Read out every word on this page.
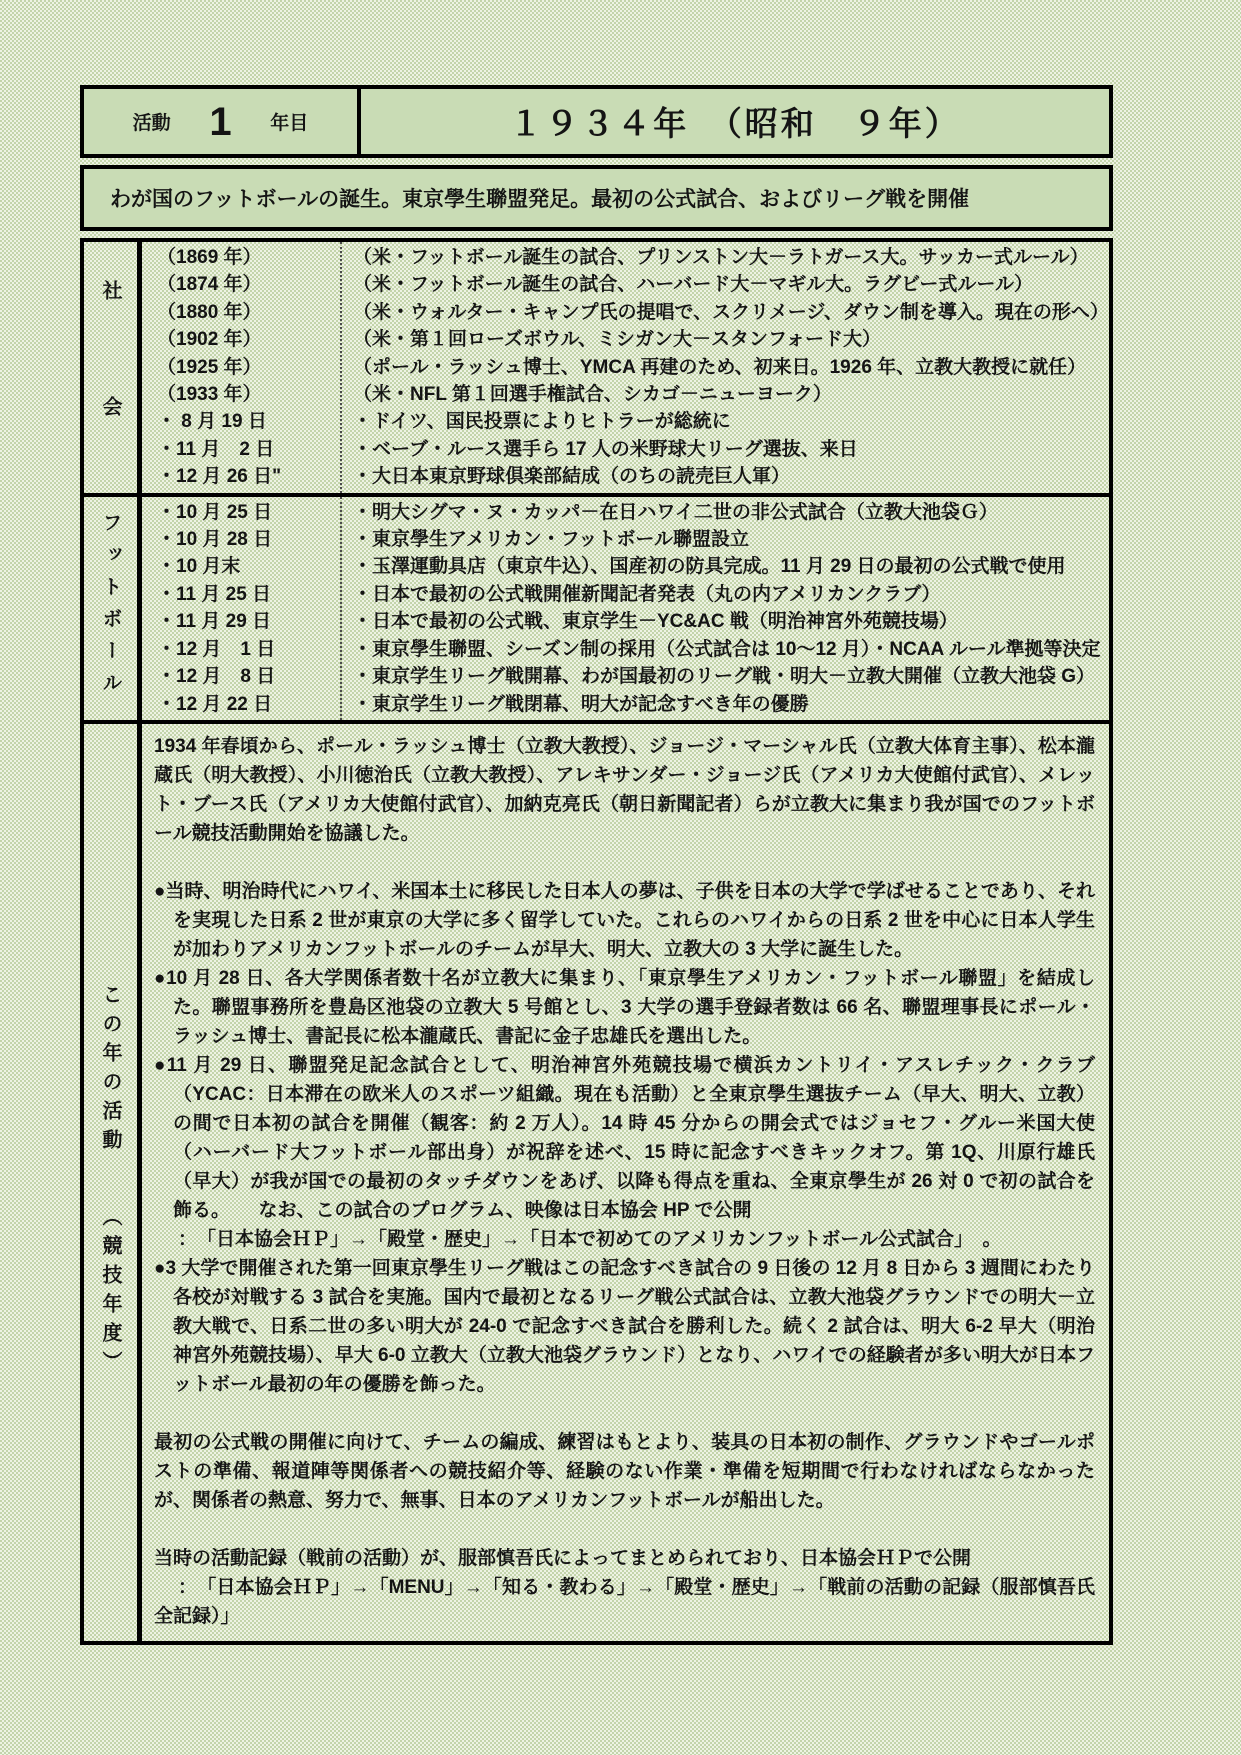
活動 1 年目	１９３４年　（昭和　９年）
わが国のフットボールの誕生。東京學生聯盟発足。最初の公式試合、およびリーグ戦を開催
社　会
（1869 年）	（米・フットボール誕生の試合、プリンストン大－ラトガース大。サッカー式ルール）
（1874 年）	（米・フットボール誕生の試合、ハーバード大－マギル大。ラグビー式ルール）
（1880 年）	（米・ウォルター・キャンプ氏の提唱で、スクリメージ、ダウン制を導入。現在の形へ）
（1902 年）	（米・第１回ローズボウル、ミシガン大－スタンフォード大）
（1925 年）	（ポール・ラッシュ博士、YMCA 再建のため、初来日。1926 年、立教大教授に就任）
（1933 年）	（米・NFL 第１回選手権試合、シカゴ－ニューヨーク）
・ 8 月 19 日	・ドイツ、国民投票によりヒトラーが総統に
・11 月　2 日	・ベーブ・ルース選手ら 17 人の米野球大リーグ選抜、来日
・12 月 26 日"	・大日本東京野球倶楽部結成（のちの読売巨人軍）
フットボール
・10 月 25 日	・明大シグマ・ヌ・カッパ－在日ハワイ二世の非公式試合（立教大池袋Ｇ）
・10 月 28 日	・東京學生アメリカン・フットボール聯盟設立
・10 月末	・玉澤運動具店（東京牛込）、国産初の防具完成。11 月 29 日の最初の公式戦で使用
・11 月 25 日	・日本で最初の公式戦開催新聞記者発表（丸の内アメリカンクラブ）
・11 月 29 日	・日本で最初の公式戦、東京学生－YC&AC 戦（明治神宮外苑競技場）
・12 月　1 日	・東京學生聯盟、シーズン制の採用（公式試合は 10～12 月）・NCAA ルール準拠等決定
・12 月　8 日	・東京学生リーグ戦開幕、わが国最初のリーグ戦・明大－立教大開催（立教大池袋 G）
・12 月 22 日	・東京学生リーグ戦閉幕、明大が記念すべき年の優勝
この年の活動　　（競技年度）
1934 年春頃から、ポール・ラッシュ博士（立教大教授）、ジョージ・マーシャル氏（立教大体育主事）、松本瀧蔵氏（明大教授）、小川徳治氏（立教大教授）、アレキサンダー・ジョージ氏（アメリカ大使館付武官）、メレット・ブース氏（アメリカ大使館付武官）、加納克亮氏（朝日新聞記者）らが立教大に集まり我が国でのフットボール競技活動開始を協議した。
●当時、明治時代にハワイ、米国本土に移民した日本人の夢は、子供を日本の大学で学ばせることであり、それを実現した日系 2 世が東京の大学に多く留学していた。これらのハワイからの日系 2 世を中心に日本人学生が加わりアメリカンフットボールのチームが早大、明大、立教大の 3 大学に誕生した。
●10 月 28 日、各大学関係者数十名が立教大に集まり、「東京學生アメリカン・フットボール聯盟」を結成した。聯盟事務所を豊島区池袋の立教大 5 号館とし、3 大学の選手登録者数は 66 名、聯盟理事長にポール・ラッシュ博士、書記長に松本瀧蔵氏、書記に金子忠雄氏を選出した。
●11 月 29 日、聯盟発足記念試合として、明治神宮外苑競技場で横浜カントリイ・アスレチック・クラブ（YCAC：日本滞在の欧米人のスポーツ組織。現在も活動）と全東京學生選抜チーム（早大、明大、立教）の間で日本初の試合を開催（観客：約 2 万人）。14 時 45 分からの開会式ではジョセフ・グルー米国大使（ハーバード大フットボール部出身）が祝辞を述べ、15 時に記念すべきキックオフ。第 1Q、川原行雄氏（早大）が我が国での最初のタッチダウンをあげ、以降も得点を重ね、全東京學生が 26 対 0 で初の試合を飾る。　　なお、この試合のプログラム、映像は日本協会 HP で公開
：　「日本協会ＨＰ」→「殿堂・歴史」→「日本で初めてのアメリカンフットボール公式試合」　。
●3 大学で開催された第一回東京學生リーグ戦はこの記念すべき試合の 9 日後の 12 月 8 日から 3 週間にわたり各校が対戦する 3 試合を実施。国内で最初となるリーグ戦公式試合は、立教大池袋グラウンドでの明大－立教大戦で、日系二世の多い明大が 24-0 で記念すべき試合を勝利した。続く 2 試合は、明大 6-2 早大（明治神宮外苑競技場）、早大 6-0 立教大（立教大池袋グラウンド）となり、ハワイでの経験者が多い明大が日本フットボール最初の年の優勝を飾った。
最初の公式戦の開催に向けて、チームの編成、練習はもとより、装具の日本初の制作、グラウンドやゴールポストの準備、報道陣等関係者への競技紹介等、経験のない作業・準備を短期間で行わなければならなかったが、関係者の熱意、努力で、無事、日本のアメリカンフットボールが船出した。
当時の活動記録（戦前の活動）が、服部慎吾氏によってまとめられており、日本協会ＨＰで公開
：　「日本協会ＨＰ」→「MENU」→「知る・教わる」→「殿堂・歴史」→「戦前の活動の記録（服部慎吾氏全記録）」
